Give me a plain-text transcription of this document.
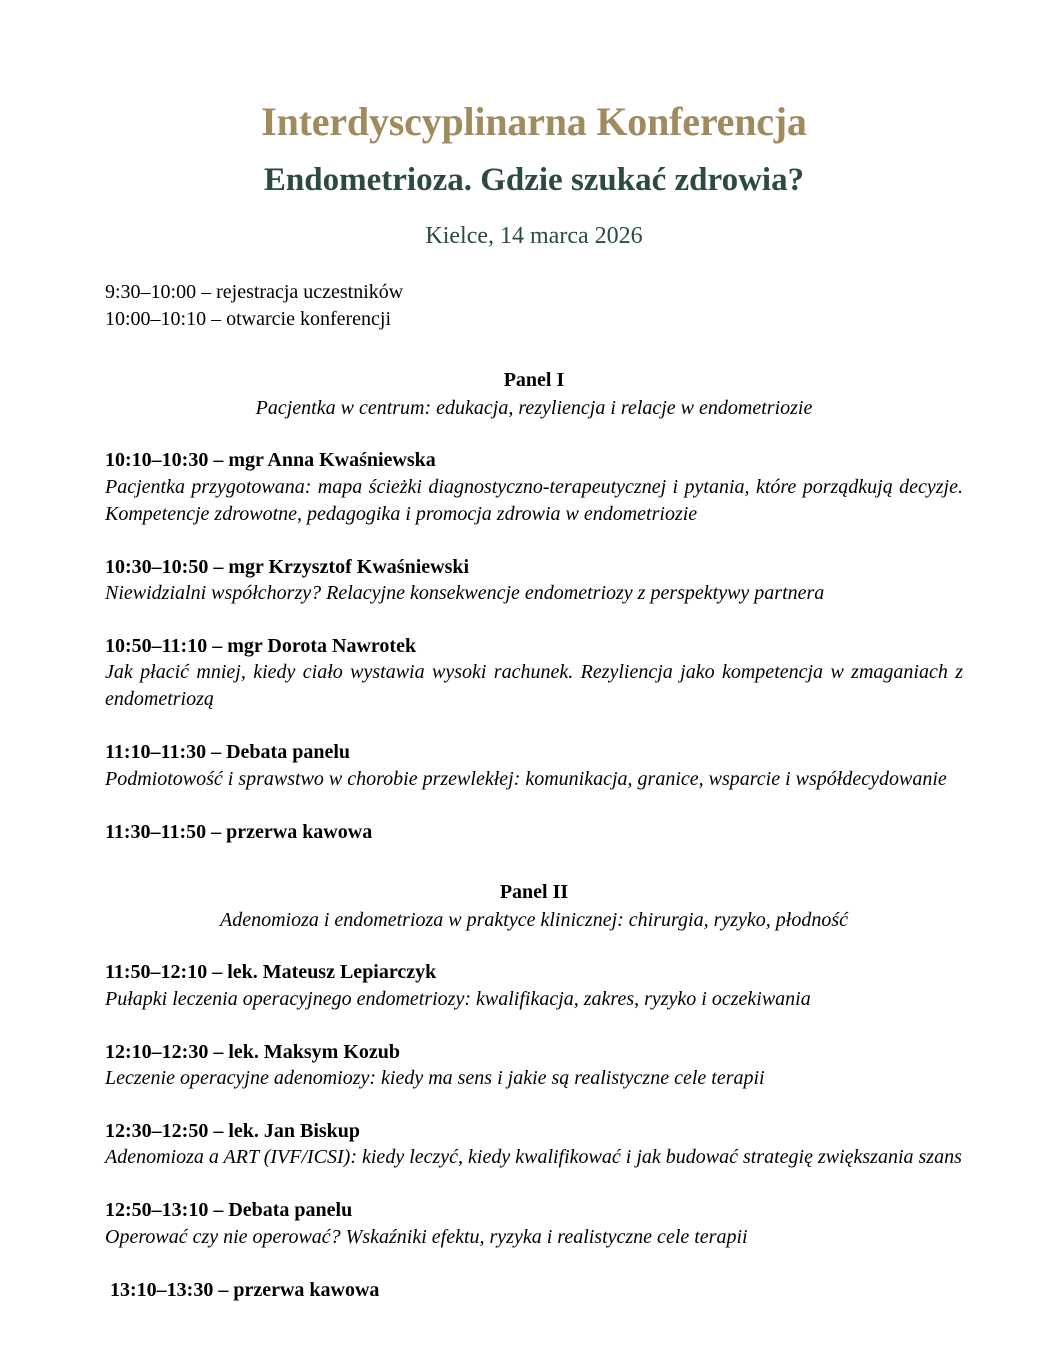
Interdyscyplinarna Konferencja
Endometrioza. Gdzie szukać zdrowia?
Kielce, 14 marca 2026
9:30–10:00 – rejestracja uczestników
10:00–10:10 – otwarcie konferencji
Panel I
Pacjentka w centrum: edukacja, rezyliencja i relacje w endometriozie

10:10–10:30 – mgr Anna Kwaśniewska

Pacjentka przygotowana: mapa ścieżki diagnostyczno-terapeutycznej i pytania, które porządkują decyzje. Kompetencje zdrowotne, pedagogika i promocja zdrowia w endometriozie

10:30–10:50 – mgr Krzysztof Kwaśniewski

Niewidzialni współchorzy? Relacyjne konsekwencje endometriozy z perspektywy partnera

10:50–11:10 – mgr Dorota Nawrotek

Jak płacić mniej, kiedy ciało wystawia wysoki rachunek. Rezyliencja jako kompetencja w zmaganiach z endometriozą

11:10–11:30 – Debata panelu

Podmiotowość i sprawstwo w chorobie przewlekłej: komunikacja, granice, wsparcie i współdecydowanie

11:30–11:50 – przerwa kawowa

Panel II
Adenomioza i endometrioza w praktyce klinicznej: chirurgia, ryzyko, płodność

11:50–12:10 – lek. Mateusz Lepiarczyk

Pułapki leczenia operacyjnego endometriozy: kwalifikacja, zakres, ryzyko i oczekiwania

12:10–12:30 – lek. Maksym Kozub

Leczenie operacyjne adenomiozy: kiedy ma sens i jakie są realistyczne cele terapii

12:30–12:50 – lek. Jan Biskup

Adenomioza a ART (IVF/ICSI): kiedy leczyć, kiedy kwalifikować i jak budować strategię zwiększania szans

12:50–13:10 – Debata panelu

Operować czy nie operować? Wskaźniki efektu, ryzyka i realistyczne cele terapii

13:10–13:30 – przerwa kawowa
